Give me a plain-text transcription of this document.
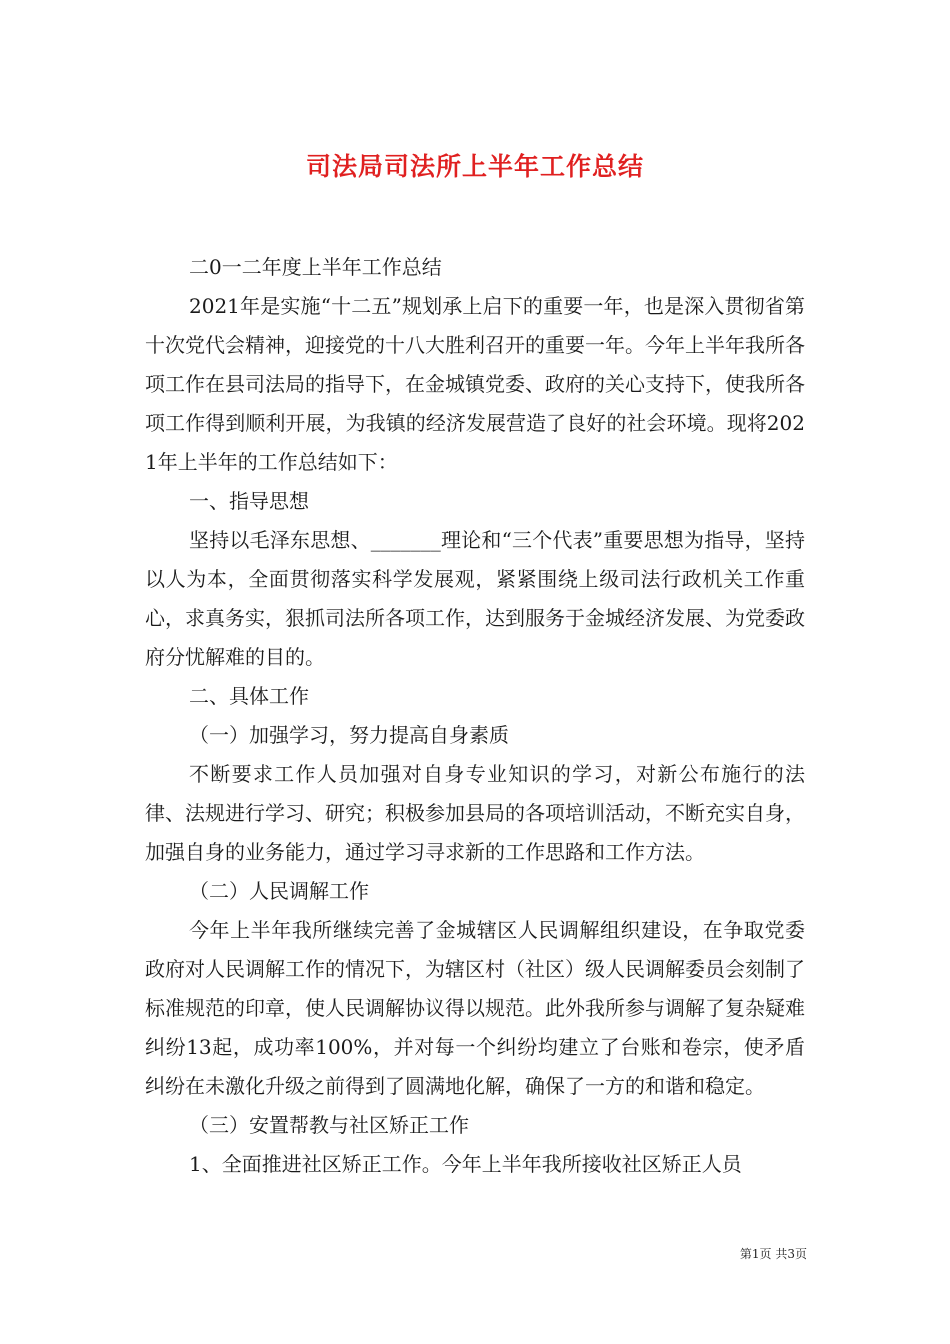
司法局司法所上半年工作总结

二0一二年度上半年工作总结

2021年是实施“十二五”规划承上启下的重要一年，也是深入贯彻省第十次党代会精神，迎接党的十八大胜利召开的重要一年。今年上半年我所各项工作在县司法局的指导下，在金城镇党委、政府的关心支持下，使我所各项工作得到顺利开展，为我镇的经济发展营造了良好的社会环境。现将2021年上半年的工作总结如下：

一、指导思想

坚持以毛泽东思想、_______理论和“三个代表”重要思想为指导，坚持以人为本，全面贯彻落实科学发展观，紧紧围绕上级司法行政机关工作重心，求真务实，狠抓司法所各项工作，达到服务于金城经济发展、为党委政府分忧解难的目的。

二、具体工作

（一）加强学习，努力提高自身素质

不断要求工作人员加强对自身专业知识的学习，对新公布施行的法律、法规进行学习、研究；积极参加县局的各项培训活动，不断充实自身，加强自身的业务能力，通过学习寻求新的工作思路和工作方法。

（二）人民调解工作

今年上半年我所继续完善了金城辖区人民调解组织建设，在争取党委政府对人民调解工作的情况下，为辖区村（社区）级人民调解委员会刻制了标准规范的印章，使人民调解协议得以规范。此外我所参与调解了复杂疑难纠纷13起，成功率100%，并对每一个纠纷均建立了台账和卷宗，使矛盾纠纷在未激化升级之前得到了圆满地化解，确保了一方的和谐和稳定。

（三）安置帮教与社区矫正工作

1、全面推进社区矫正工作。今年上半年我所接收社区矫正人员

第1页 共3页
